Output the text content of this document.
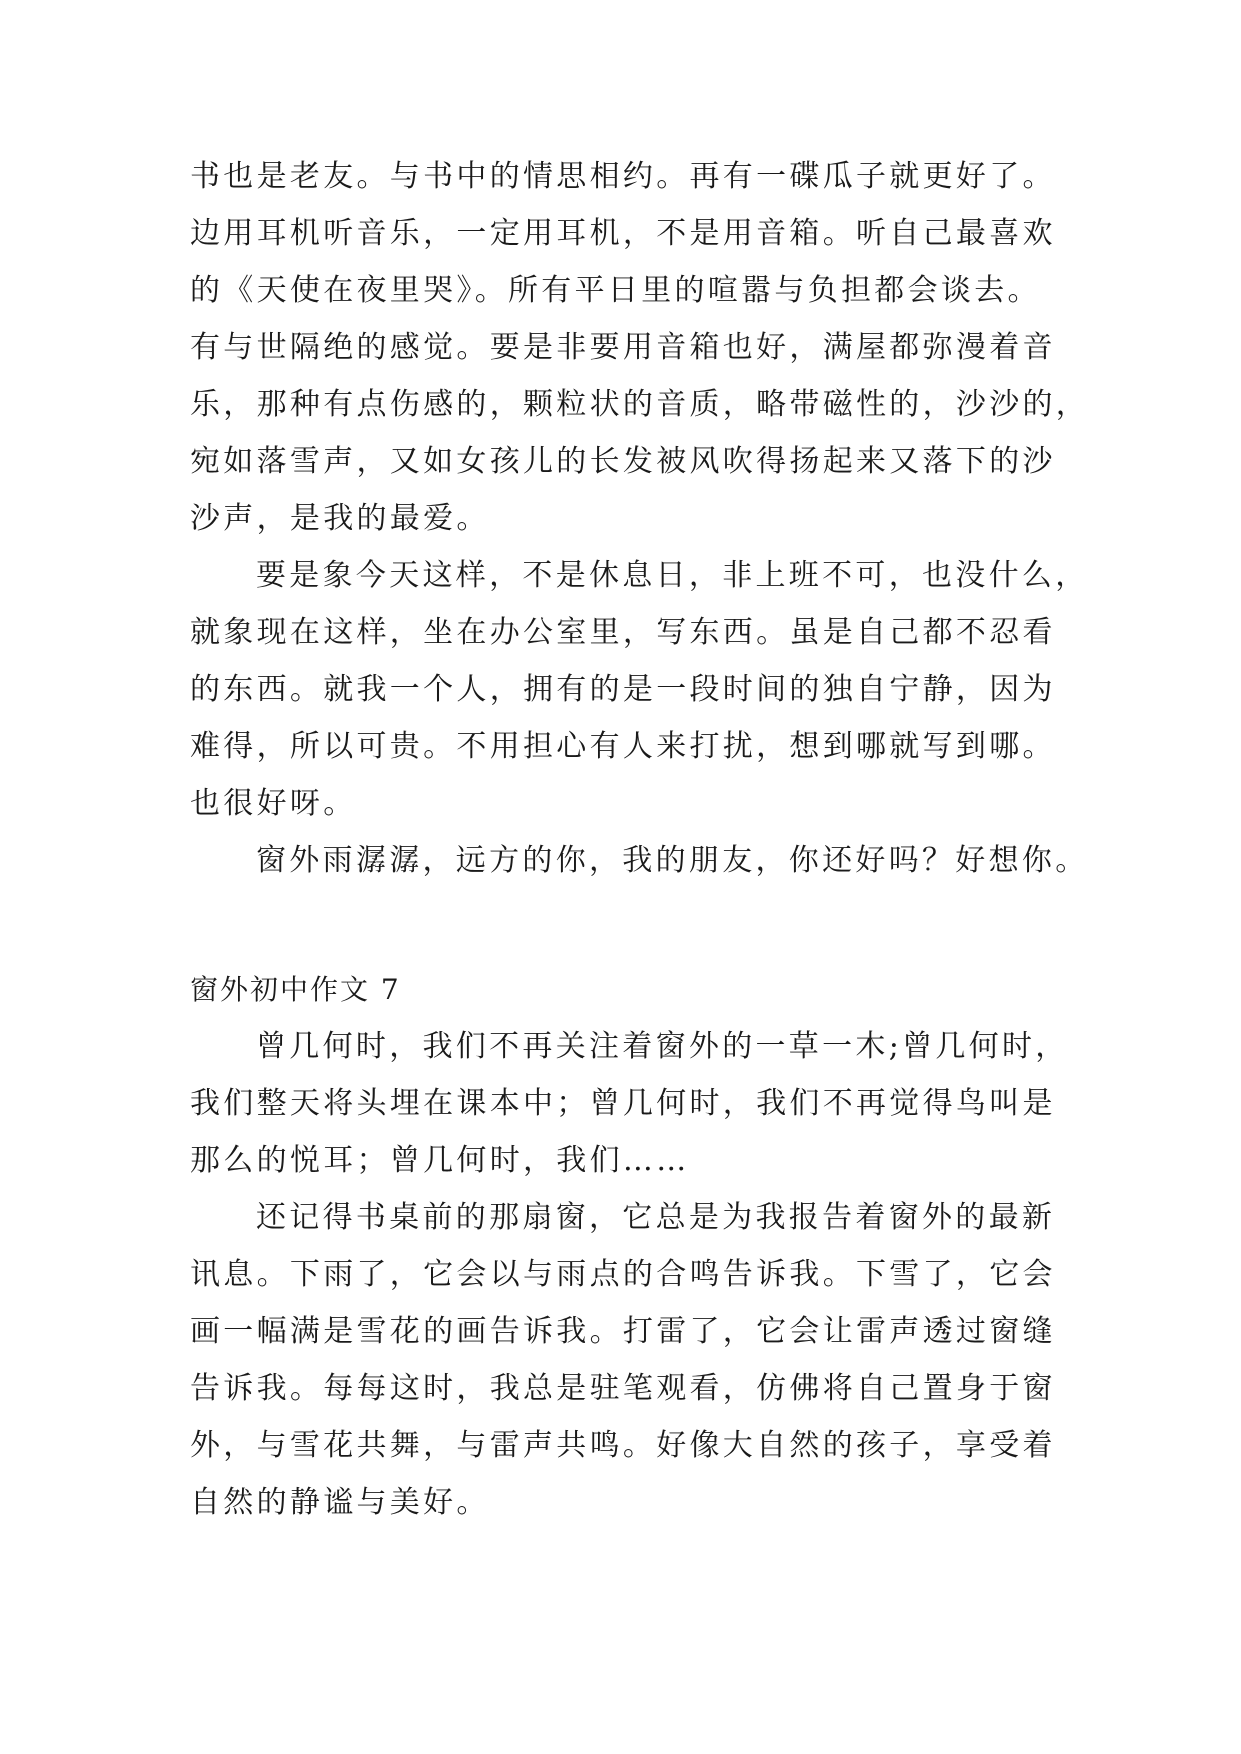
书也是老友。与书中的情思相约。再有一碟瓜子就更好了。
边用耳机听音乐，一定用耳机，不是用音箱。听自己最喜欢
的《天使在夜里哭》。所有平日里的喧嚣与负担都会谈去。
有与世隔绝的感觉。要是非要用音箱也好，满屋都弥漫着音
乐，那种有点伤感的，颗粒状的音质，略带磁性的，沙沙的，
宛如落雪声，又如女孩儿的长发被风吹得扬起来又落下的沙
沙声，是我的最爱。
要是象今天这样，不是休息日，非上班不可，也没什么，
就象现在这样，坐在办公室里，写东西。虽是自己都不忍看
的东西。就我一个人，拥有的是一段时间的独自宁静，因为
难得，所以可贵。不用担心有人来打扰，想到哪就写到哪。
也很好呀。
窗外雨潺潺，远方的你，我的朋友，你还好吗？好想你。
窗外初中作文 7
曾几何时，我们不再关注着窗外的一草一木;曾几何时，
我们整天将头埋在课本中；曾几何时，我们不再觉得鸟叫是
那么的悦耳；曾几何时，我们……
还记得书桌前的那扇窗，它总是为我报告着窗外的最新
讯息。下雨了，它会以与雨点的合鸣告诉我。下雪了，它会
画一幅满是雪花的画告诉我。打雷了，它会让雷声透过窗缝
告诉我。每每这时，我总是驻笔观看，仿佛将自己置身于窗
外，与雪花共舞，与雷声共鸣。好像大自然的孩子，享受着
自然的静谧与美好。
